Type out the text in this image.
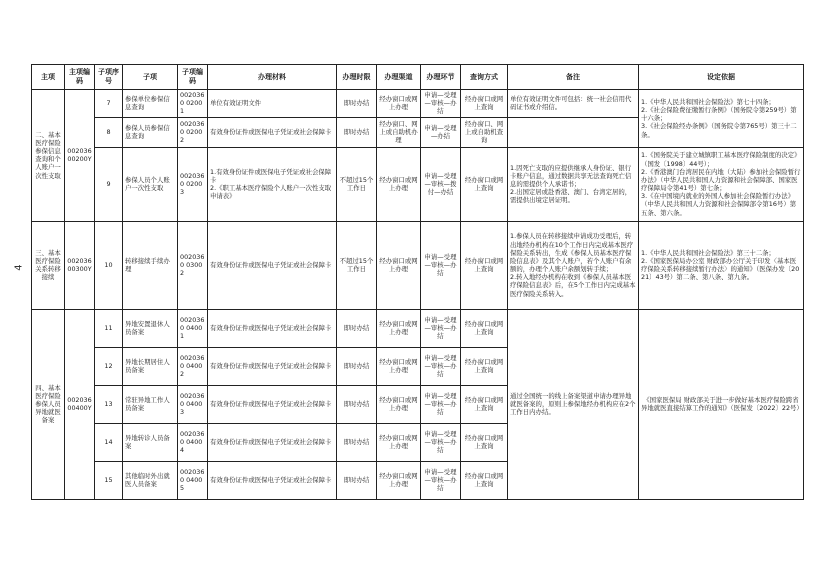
4
主项	主项编码	子项序号	子项	子项编码	办理材料	办理时限	办理渠道	办理环节	查询方式	备注	设定依据
二、基本医疗保险参保信息查询和个人账户一次性支取	00203600200Y	7	参保单位参保信息查询	0020360 02001	单位有效证明文件	即时办结	经办窗口或网上办理	申请—受理—审核—办结	经办窗口或网上查询	单位有效证明文件可包括：统一社会信用代码证书或介绍信。	1.《中华人民共和国社会保险法》第七十四条；
2.《社会保险费征缴暂行条例》（国务院令第259号）第十六条；
3.《社会保险经办条例》（国务院令第765号）第三十二条。
		8	参保人员参保信息查询	0020360 02002	有效身份证件或医保电子凭证或社会保障卡	即时办结	经办窗口、网上或自助机办理	申请—受理—办结	经办窗口、网上或自助机查询		
		9	参保人员个人账户一次性支取	0020360 02003	1.有效身份证件或医保电子凭证或社会保障卡
2.《职工基本医疗保险个人账户一次性支取申请表》	不超过15个工作日	经办窗口或网上办理	申请—受理—审核—拨付—办结	经办窗口或网上查询	1.因死亡支取的应提供继承人身份证、银行卡账户信息，通过数据共享无法查询死亡信息的需提供个人承诺书；
2.出国定居或赴香港、澳门、台湾定居的，需提供出境定居证明。	1.《国务院关于建立城镇职工基本医疗保险制度的决定》（国发〔1998〕44号）；
2.《香港澳门台湾居民在内地（大陆）参加社会保险暂行办法》（中华人民共和国人力资源和社会保障部、国家医疗保障局令第41号）第七条；
3.《在中国境内就业的外国人参加社会保险暂行办法》（中华人民共和国人力资源和社会保障部令第16号）第五条、第六条。
三、基本医疗保险关系转移接续	00203600300Y	10	转移接续手续办理	0020360 03002	有效身份证件或医保电子凭证或社会保障卡	不超过15个工作日	经办窗口或网上办理	申请—受理—审核—办结	经办窗口或网上查询	1.参保人员在转移接续申请成功受理后，转出地经办机构在10个工作日内完成基本医疗保险关系转出，生成《参保人员基本医疗保险信息表》及其个人账户，若个人账户有余额的，办理个人账户余额划转手续；
2.转入地经办机构在收到《参保人员基本医疗保险信息表》后，在5个工作日内完成基本医疗保险关系转入。	1.《中华人民共和国社会保险法》第三十二条；
2.《国家医保局办公室 财政部办公厅关于印发〈基本医疗保险关系转移接续暂行办法〉的通知》（医保办发〔2021〕43号）第二条、第八条、第九条。
四、基本医疗保险参保人员异地就医备案	00203600400Y	11	异地安置退休人员备案	0020360 04001	有效身份证件或医保电子凭证或社会保障卡	即时办结	经办窗口或网上办理	申请—受理—审核—办结	经办窗口或网上查询	通过全国统一的线上备案渠道申请办理异地就医备案的，原则上参保地经办机构应在2个工作日内办结。	《国家医保局 财政部关于进一步做好基本医疗保险跨省异地就医直接结算工作的通知》（医保发〔2022〕22号）
		12	异地长期居住人员备案	0020360 04002	有效身份证件或医保电子凭证或社会保障卡	即时办结	经办窗口或网上办理	申请—受理—审核—办结	经办窗口或网上查询		
		13	常驻异地工作人员备案	0020360 04003	有效身份证件或医保电子凭证或社会保障卡	即时办结	经办窗口或网上办理	申请—受理—审核—办结	经办窗口或网上查询		
		14	异地转诊人员备案	0020360 04004	有效身份证件或医保电子凭证或社会保障卡	即时办结	经办窗口或网上办理	申请—受理—审核—办结	经办窗口或网上查询		
		15	其他临时外出就医人员备案	0020360 04005	有效身份证件或医保电子凭证或社会保障卡	即时办结	经办窗口或网上办理	申请—受理—审核—办结	经办窗口或网上查询		
